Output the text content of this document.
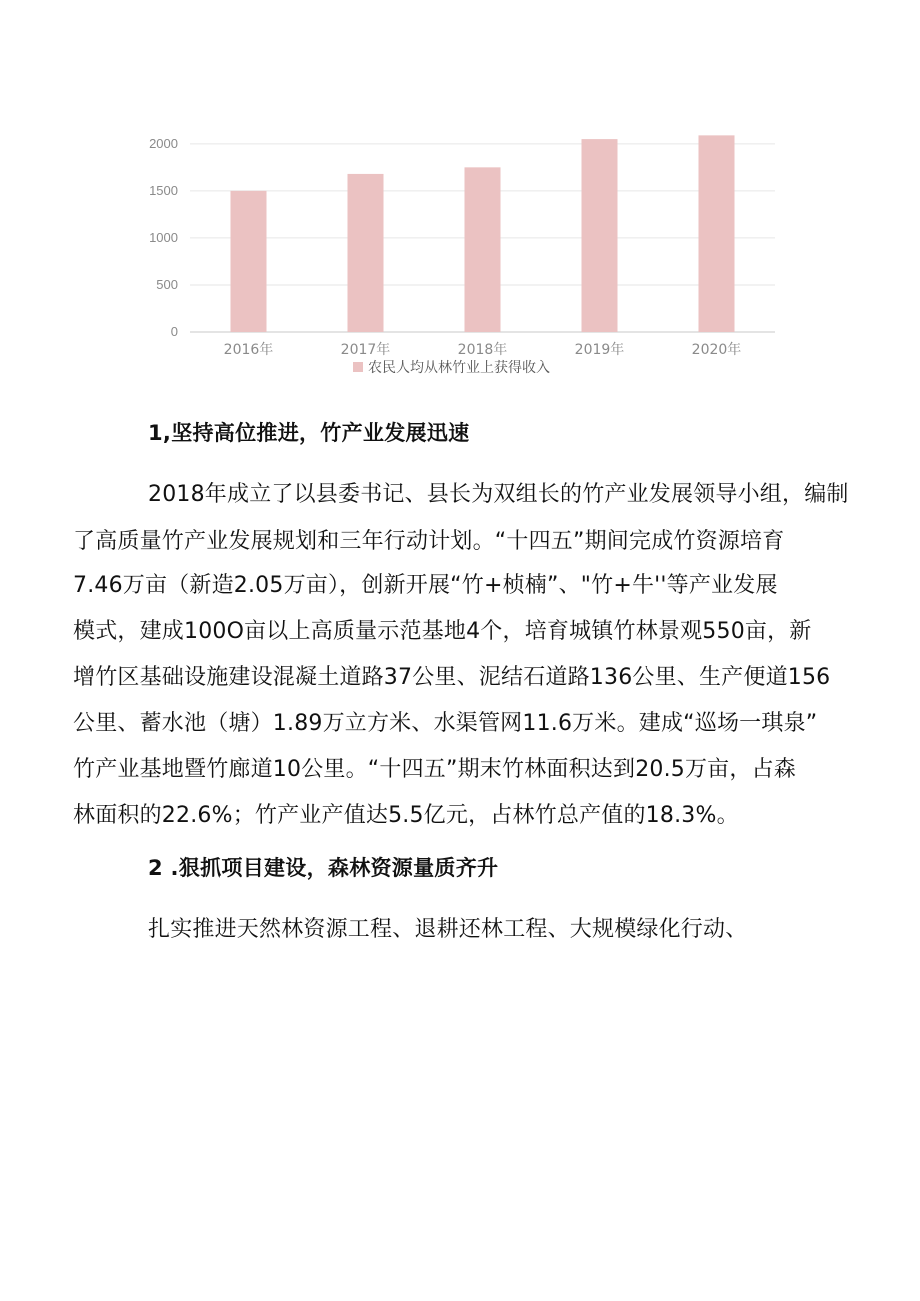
0
500
1000
1500
2000
2016年	2017年	2018年	2019年	2020年
农民人均从林竹业上获得收入
1,坚持高位推进，竹产业发展迅速
2018年成立了以县委书记、县长为双组长的竹产业发展领导小组，编制
了高质量竹产业发展规划和三年行动计划。“十四五”期间完成竹资源培育
7.46万亩（新造2.05万亩），创新开展“竹+桢楠”、"竹+牛''等产业发展
模式，建成100O亩以上高质量示范基地4个，培育城镇竹林景观550亩，新
增竹区基础设施建设混凝土道路37公里、泥结石道路136公里、生产便道156
公里、蓄水池（塘）1.89万立方米、水渠管网11.6万米。建成“巡场一琪泉”
竹产业基地暨竹廊道10公里。“十四五”期末竹林面积达到20.5万亩，占森
林面积的22.6%；竹产业产值达5.5亿元，占林竹总产值的18.3%。
2 .狠抓项目建设，森林资源量质齐升
扎实推进天然林资源工程、退耕还林工程、大规模绿化行动、
